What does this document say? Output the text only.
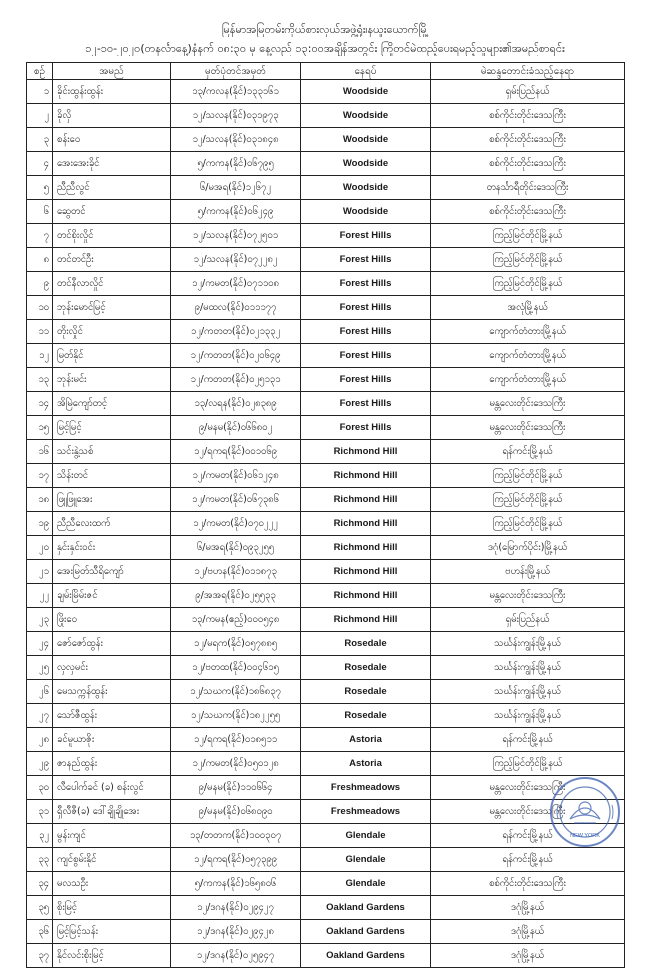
မြန်မာအမြတမ်းကိုယ်စားလှယ်အဖွဲ့ရုံး၊နယူးယောက်မြို့
၁၂-၁၀-၂၀၂၀(တနင်္လာနေ့)နံနက် ၀၈:၃၀ မှ နေ့လည် ၁၃:၀၀အချိန်အတွင်း ကြိုတင်မဲထည့်ပေးရမည့်သူများ၏အမည်စာရင်း
စဉ်	အမည်	မှတ်ပုံတင်အမှတ်	နေရပ်	မဲဆန္ဒတောင်းခံသည့်နေရာ
၁	ခိုင်းထွန်းထွန်း	၁၃/ကလန(နိုင်)၁၃၃၁၆၁	Woodside	ရှမ်းပြည်နယ်
၂	ခိုလှိ	၁၂/သလန(နိုင်)၀၃၁၉၇၃	Woodside	စစ်ကိုင်းတိုင်းဒေသကြီး
၃	စန်းဝေ	၁၂/သလန(နိုင်)၀၃၁၈၄၈	Woodside	စစ်ကိုင်းတိုင်းဒေသကြီး
၄	အေးအေးခိုင်	၅/ကကန(နိုင်)၀၆၇၉၅	Woodside	စစ်ကိုင်းတိုင်းဒေသကြီး
၅	ညီညီလွင်	၆/မအရ(နိုင်)၁၂၆၇၂	Woodside	တနင်္သာရီတိုင်းဒေသကြီး
၆	ဆွေတင်	၅/ကကန(နိုင်)၀၆၂၄၉	Woodside	စစ်ကိုင်းတိုင်းဒေသကြီး
၇	တင်စိုးလှိုင်	၁၂/သလန(နိုင်)၀၇၂၅၀၁	Forest Hills	ကြည့်မြင်တိုင်မြို့နယ်
၈	တင်တင်ဦး	၁၂/သလန(နိုင်)၀၇၂၂၈၂	Forest Hills	ကြည့်မြင်တိုင်မြို့နယ်
၉	တင်နီလာလှိုင်	၁၂/ကမတ(နိုင်)၀၇၁၁၀၈	Forest Hills	ကြည့်မြင်တိုင်မြို့နယ်
၁၀	ဘုန်းမောင်မြင့်	၉/မထလ(နိုင်)၀၁၁၁၇၇	Forest Hills	အလုံမြို့နယ်
၁၁	တိုးလှိုင်	၁၂/ကတတ(နိုင်)၀၂၁၃၃၂	Forest Hills	ကျောက်တံတားမြို့နယ်
၁၂	မြတ်နိုင်	၁၂/ကတတ(နိုင်)၀၂၀၆၄၉	Forest Hills	ကျောက်တံတားမြို့နယ်
၁၃	ဘုန်းမင်း	၁၂/ကတတ(နိုင်)၀၂၅၁၃၁	Forest Hills	ကျောက်တံတားမြို့နယ်
၁၄	အိမြဲကျော်တင့်	၁၃/လရန(နိုင်)၀၂၈၃၈၉	Forest Hills	မန္တလေးတိုင်းဒေသကြီး
၁၅	မြင့်မြင့်	၉/မနမ(နိုင်)၀၆၆၈၀၂	Forest Hills	မန္တလေးတိုင်းဒေသကြီး
၁၆	သင်းနွဲ့သစ်	၁၂/ရကရ(နိုင်)၀၀၁၀၆၉	Richmond Hill	ရန်ကင်းမြို့နယ်
၁၇	သိန်းတင်	၁၂/ကမတ(နိုင်)၀၆၁၂၄၈	Richmond Hill	ကြည့်မြင်တိုင်မြို့နယ်
၁၈	ဖြူဖြူအေး	၁၂/ကမတ(နိုင်)၀၆၇၃၈၆	Richmond Hill	ကြည့်မြင်တိုင်မြို့နယ်
၁၉	ညီညီလေးထက်	၁၂/ကမတ(နိုင်)၀၇၀၂၂၂	Richmond Hill	ကြည့်မြင်တိုင်မြို့နယ်
၂၀	နှင်းနှင်းဝင်း	၆/မအရ(နိုင်)၀၉၃၂၅၅	Richmond Hill	ဒဂုံ(မြောက်ပိုင်း)မြို့နယ်
၂၁	အေးမြတ်သီရိကျော်	၁၂/ဗဟန(နိုင်)၀၁၁၈၇၃	Richmond Hill	ဗဟန်းမြို့နယ်
၂၂	ချမ်းမြိမ်းဇင်	၉/အအရ(နိုင်)၀၂၅၅၃၃	Richmond Hill	မန္တလေးတိုင်းဒေသကြီး
၂၃	ဖြိုးဝေ	၁၃/ကမန(ဧည့်)၀၀၀၅၄၈	Richmond Hill	ရှမ်းပြည်နယ်
၂၄	ဇော်ဇော်ထွန်း	၁၂/မရက(နိုင်)၀၅၇၈၈၅	Rosedale	သင်္ဃန်းကျွန်းမြို့နယ်
၂၅	လှလှမင်း	၁၂/ဗတထ(နိုင်)၀၀၄၆၁၅	Rosedale	သင်္ဃန်းကျွန်းမြို့နယ်
၂၆	မေသက္ကန်ထွန်း	၁၂/သဃက(နိုင်)၁၈၆၈၃၇	Rosedale	သင်္ဃန်းကျွန်းမြို့နယ်
၂၇	သော်ဇီထွန်း	၁၂/သဃက(နိုင်)၁၈၂၂၅၅	Rosedale	သင်္ဃန်းကျွန်းမြို့နယ်
၂၈	ခင်မူယာဇိုး	၁၂/ရကရ(နိုင်)၀၁၈၅၁၁	Astoria	ရန်ကင်းမြို့နယ်
၂၉	ဇာနည်ထွန်း	၁၂/ကမတ(နိုင်)၀၅၀၁၂၈	Astoria	ကြည့်မြင်တိုင်မြို့နယ်
၃၀	လီပေါက်ခင် (ခ) စန်းလွင်	၉/မနမ(နိုင်)၁၁၀၆၆၄	Freshmeadows	မန္တလေးတိုင်းဒေသကြီး
၃၁	ရှီလီဇီ(ခ) ဒေါ်ချိုချိုအေး	၉/မနမ(နိုင်)၀၆၈၀၉၀	Freshmeadows	မန္တလေးတိုင်းဒေသကြီး
၃၂	မွန်းကျင်	၁၃/တတက(နိုင်)၁၀၀၃၀၇	Glendale	ရန်ကင်းမြို့နယ်
၃၃	ကျင်စွမ်းနိုင်	၁၂/ရကရ(နိုင်)၀၅၇၃၉၉	Glendale	ရန်ကင်းမြို့နယ်
၃၄	မလသဦး	၅/ကကန(နိုင်)၁၆၅၈၀၆	Glendale	စစ်ကိုင်းတိုင်းဒေသကြီး
၃၅	စိုးမြင့်	၁၂/ဒဂန(နိုင်)၀၂၉၄၂၇	Oakland Gardens	ဒဂုံမြို့နယ်
၃၆	မြင့်မြင့်သန်း	၁၂/ဒဂန(နိုင်)၀၂၉၄၂၈	Oakland Gardens	ဒဂုံမြို့နယ်
၃၇	နိုင်လင်းစိုးမြင့်	၁၂/ဒဂန(နိုင်)၀၂၅၉၄၇	Oakland Gardens	ဒဂုံမြို့နယ်
NEW YORK
